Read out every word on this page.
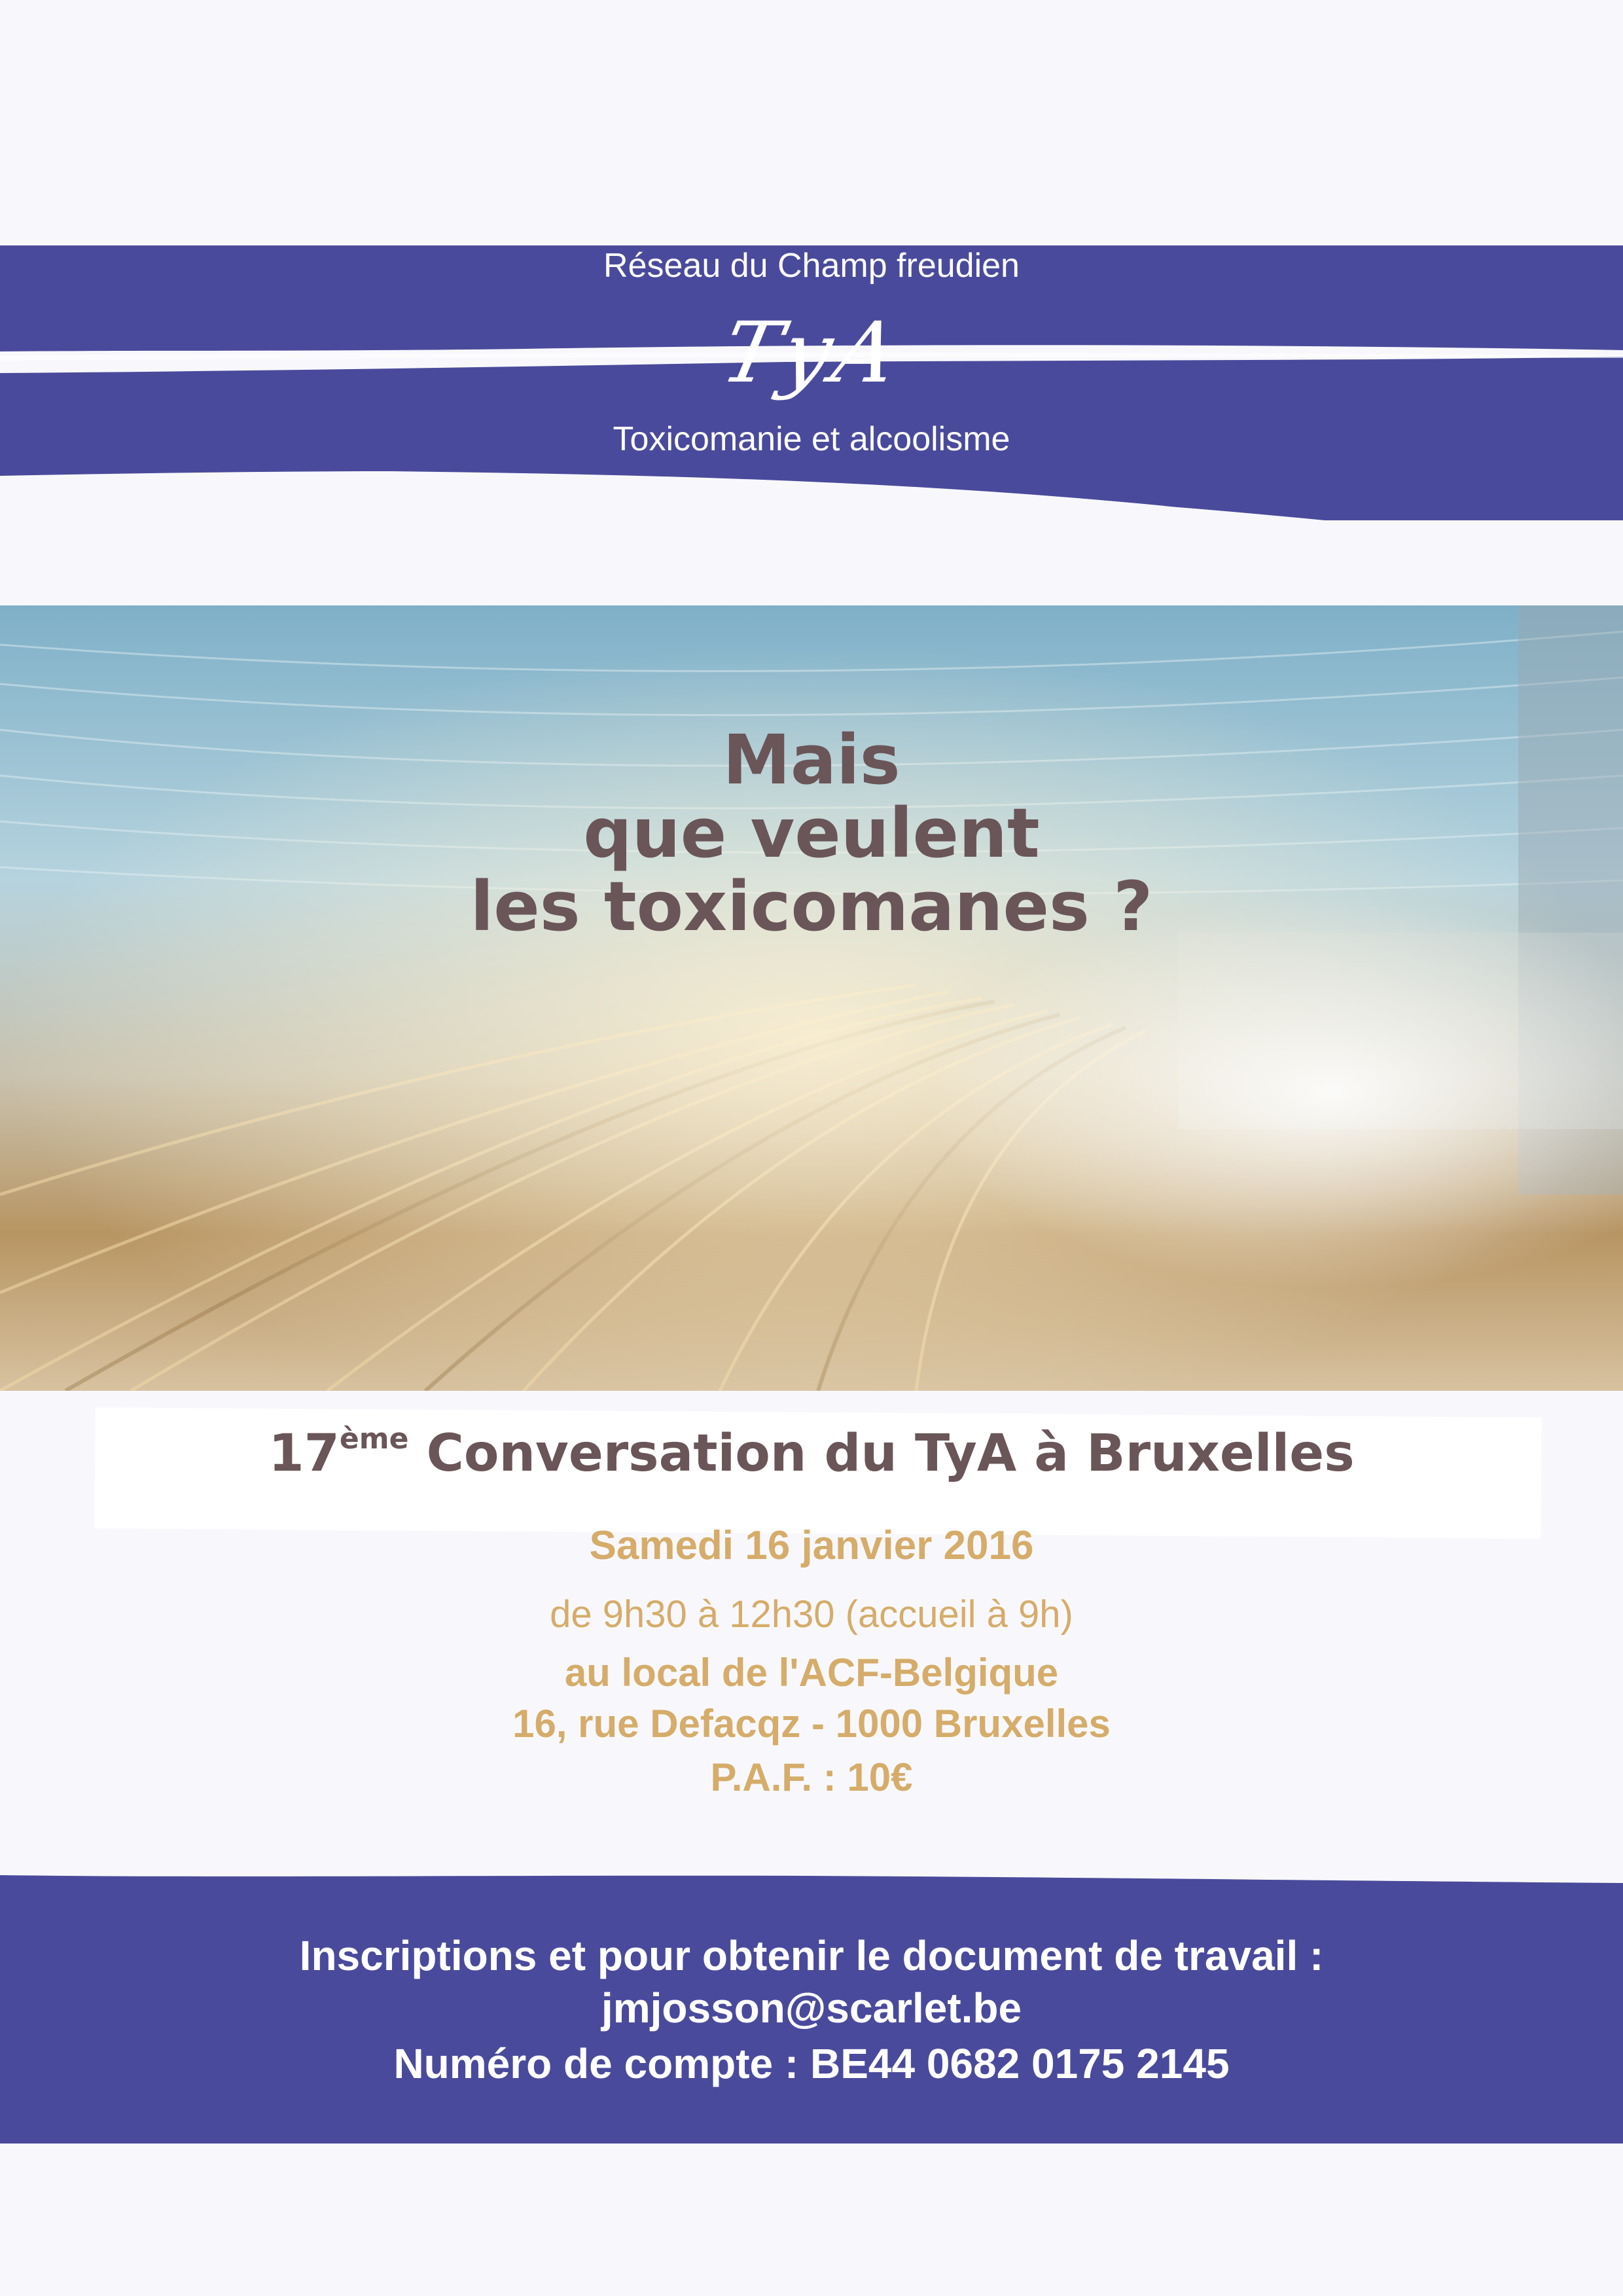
Réseau du Champ freudien
TyA
Toxicomanie et alcoolisme
Mais
que veulent
les toxicomanes ?
17ème Conversation du TyA à Bruxelles
Samedi 16 janvier 2016
de 9h30 à 12h30 (accueil à 9h)
au local de l'ACF-Belgique
16, rue Defacqz - 1000 Bruxelles
P.A.F. : 10€
Inscriptions et pour obtenir le document de travail :
jmjosson@scarlet.be
Numéro de compte : BE44 0682 0175 2145
